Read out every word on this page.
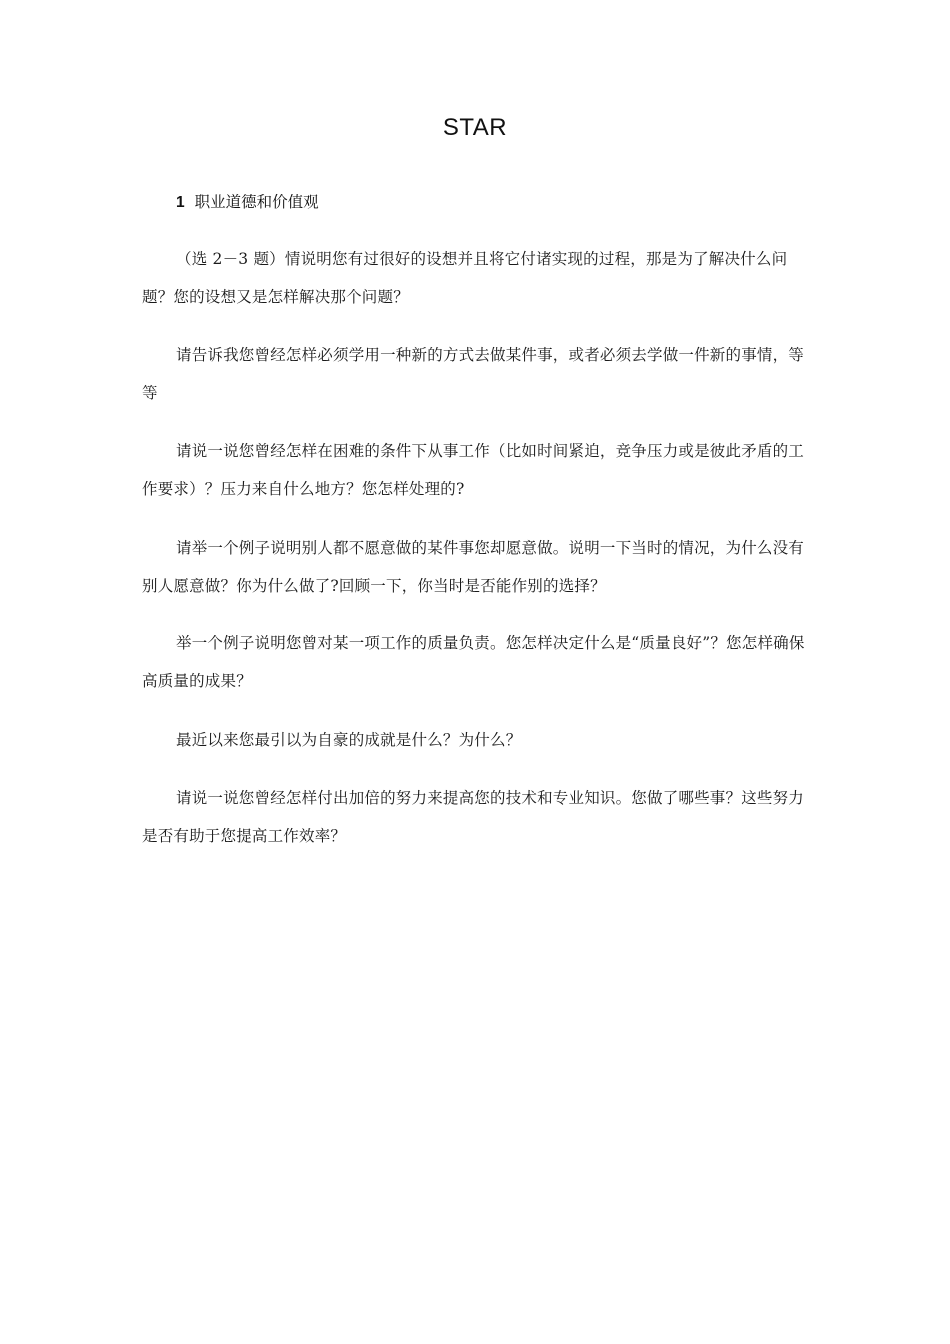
STAR
1 职业道德和价值观

（选 2－3 题）情说明您有过很好的设想并且将它付诸实现的过程，那是为了解决什么问题？您的设想又是怎样解决那个问题？

请告诉我您曾经怎样必须学用一种新的方式去做某件事，或者必须去学做一件新的事情，等等

请说一说您曾经怎样在困难的条件下从事工作（比如时间紧迫，竞争压力或是彼此矛盾的工作要求）？压力来自什么地方？您怎样处理的?

请举一个例子说明别人都不愿意做的某件事您却愿意做。说明一下当时的情况，为什么没有别人愿意做？你为什么做了?回顾一下，你当时是否能作别的选择？

举一个例子说明您曾对某一项工作的质量负责。您怎样决定什么是“质量良好”？您怎样确保高质量的成果？

最近以来您最引以为自豪的成就是什么？为什么？

请说一说您曾经怎样付出加倍的努力来提高您的技术和专业知识。您做了哪些事？这些努力是否有助于您提高工作效率？
